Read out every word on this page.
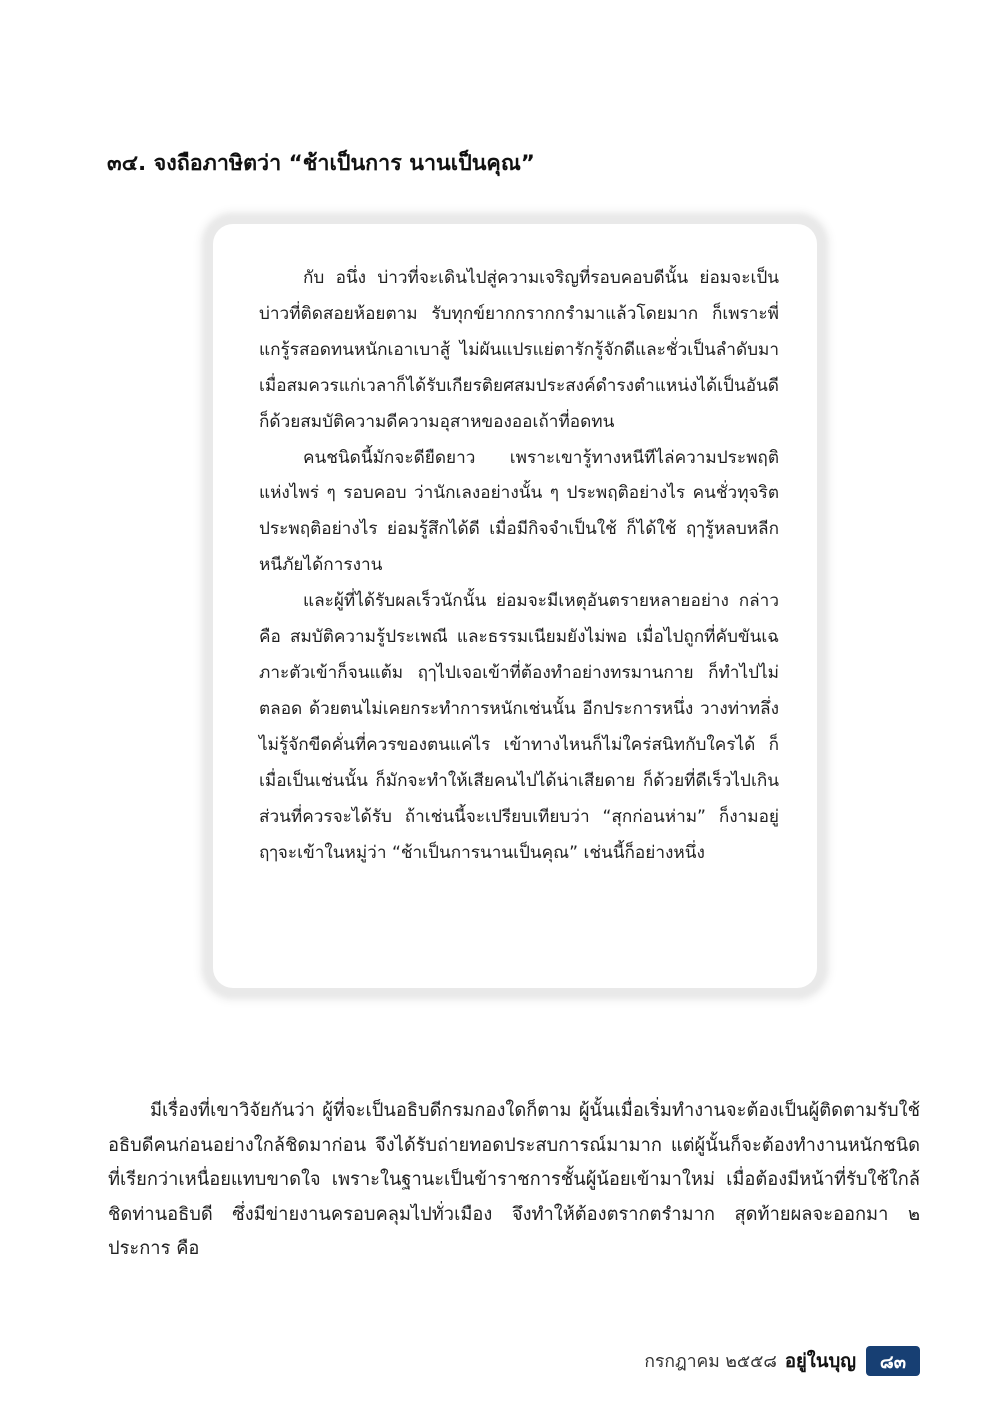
๓๔. จงถือภาษิตว่า “ช้าเป็นการ นานเป็นคุณ”

กับ อนึ่ง บ่าวที่จะเดินไปสู่ความเจริญที่รอบคอบดีนั้น ย่อมจะเป็นบ่าวที่ติดสอยห้อยตาม รับทุกข์ยากกรากกรำมาแล้วโดยมาก ก็เพราะพี่แกรู้รสอดทนหนักเอาเบาสู้ ไม่ผันแปรแย่ตารักรู้จักดีและชั่วเป็นลำดับมา เมื่อสมควรแก่เวลาก็ได้รับเกียรติยศสมประสงค์ดำรงตำแหน่งได้เป็นอันดี ก็ด้วยสมบัติความดีความอุสาหของออเถ้าที่อดทน

คนชนิดนี้มักจะดียืดยาว เพราะเขารู้ทางหนีทีไล่ความประพฤติแห่งไพร่ ๆ รอบคอบ ว่านักเลงอย่างนั้น ๆ ประพฤติอย่างไร คนชั่วทุจริตประพฤติอย่างไร ย่อมรู้สึกได้ดี เมื่อมีกิจจำเป็นใช้ ก็ได้ใช้ ฤๅรู้หลบหลีกหนีภัยได้การงาน

และผู้ที่ได้รับผลเร็วนักนั้น ย่อมจะมีเหตุอันตรายหลายอย่าง กล่าวคือ สมบัติความรู้ประเพณี และธรรมเนียมยังไม่พอ เมื่อไปถูกที่คับขันเฉภาะตัวเข้าก็จนแต้ม ฤๅไปเจอเข้าที่ต้องทำอย่างทรมานกาย ก็ทำไปไม่ตลอด ด้วยตนไม่เคยกระทำการหนักเช่นนั้น อีกประการหนึ่ง วางท่าทลึ่งไม่รู้จักขีดคั่นที่ควรของตนแค่ไร เข้าทางไหนก็ไม่ใคร่สนิทกับใครได้ ก็เมื่อเป็นเช่นนั้น ก็มักจะทำให้เสียคนไปได้น่าเสียดาย ก็ด้วยที่ดีเร็วไปเกินส่วนที่ควรจะได้รับ ถ้าเช่นนี้จะเปรียบเทียบว่า “สุกก่อนห่าม” ก็งามอยู่ ฤๅจะเข้าในหมู่ว่า “ช้าเป็นการนานเป็นคุณ” เช่นนี้ก็อย่างหนึ่ง

มีเรื่องที่เขาวิจัยกันว่า ผู้ที่จะเป็นอธิบดีกรมกองใดก็ตาม ผู้นั้นเมื่อเริ่มทำงานจะต้องเป็นผู้ติดตามรับใช้อธิบดีคนก่อนอย่างใกล้ชิดมาก่อน จึงได้รับถ่ายทอดประสบการณ์มามาก แต่ผู้นั้นก็จะต้องทำงานหนักชนิดที่เรียกว่าเหนื่อยแทบขาดใจ เพราะในฐานะเป็นข้าราชการชั้นผู้น้อยเข้ามาใหม่ เมื่อต้องมีหน้าที่รับใช้ใกล้ชิดท่านอธิบดี ซึ่งมีข่ายงานครอบคลุมไปทั่วเมือง จึงทำให้ต้องตรากตรำมาก สุดท้ายผลจะออกมา ๒ ประการ คือ

กรกฎาคม ๒๕๕๘ อยู่ในบุญ	๘๓
